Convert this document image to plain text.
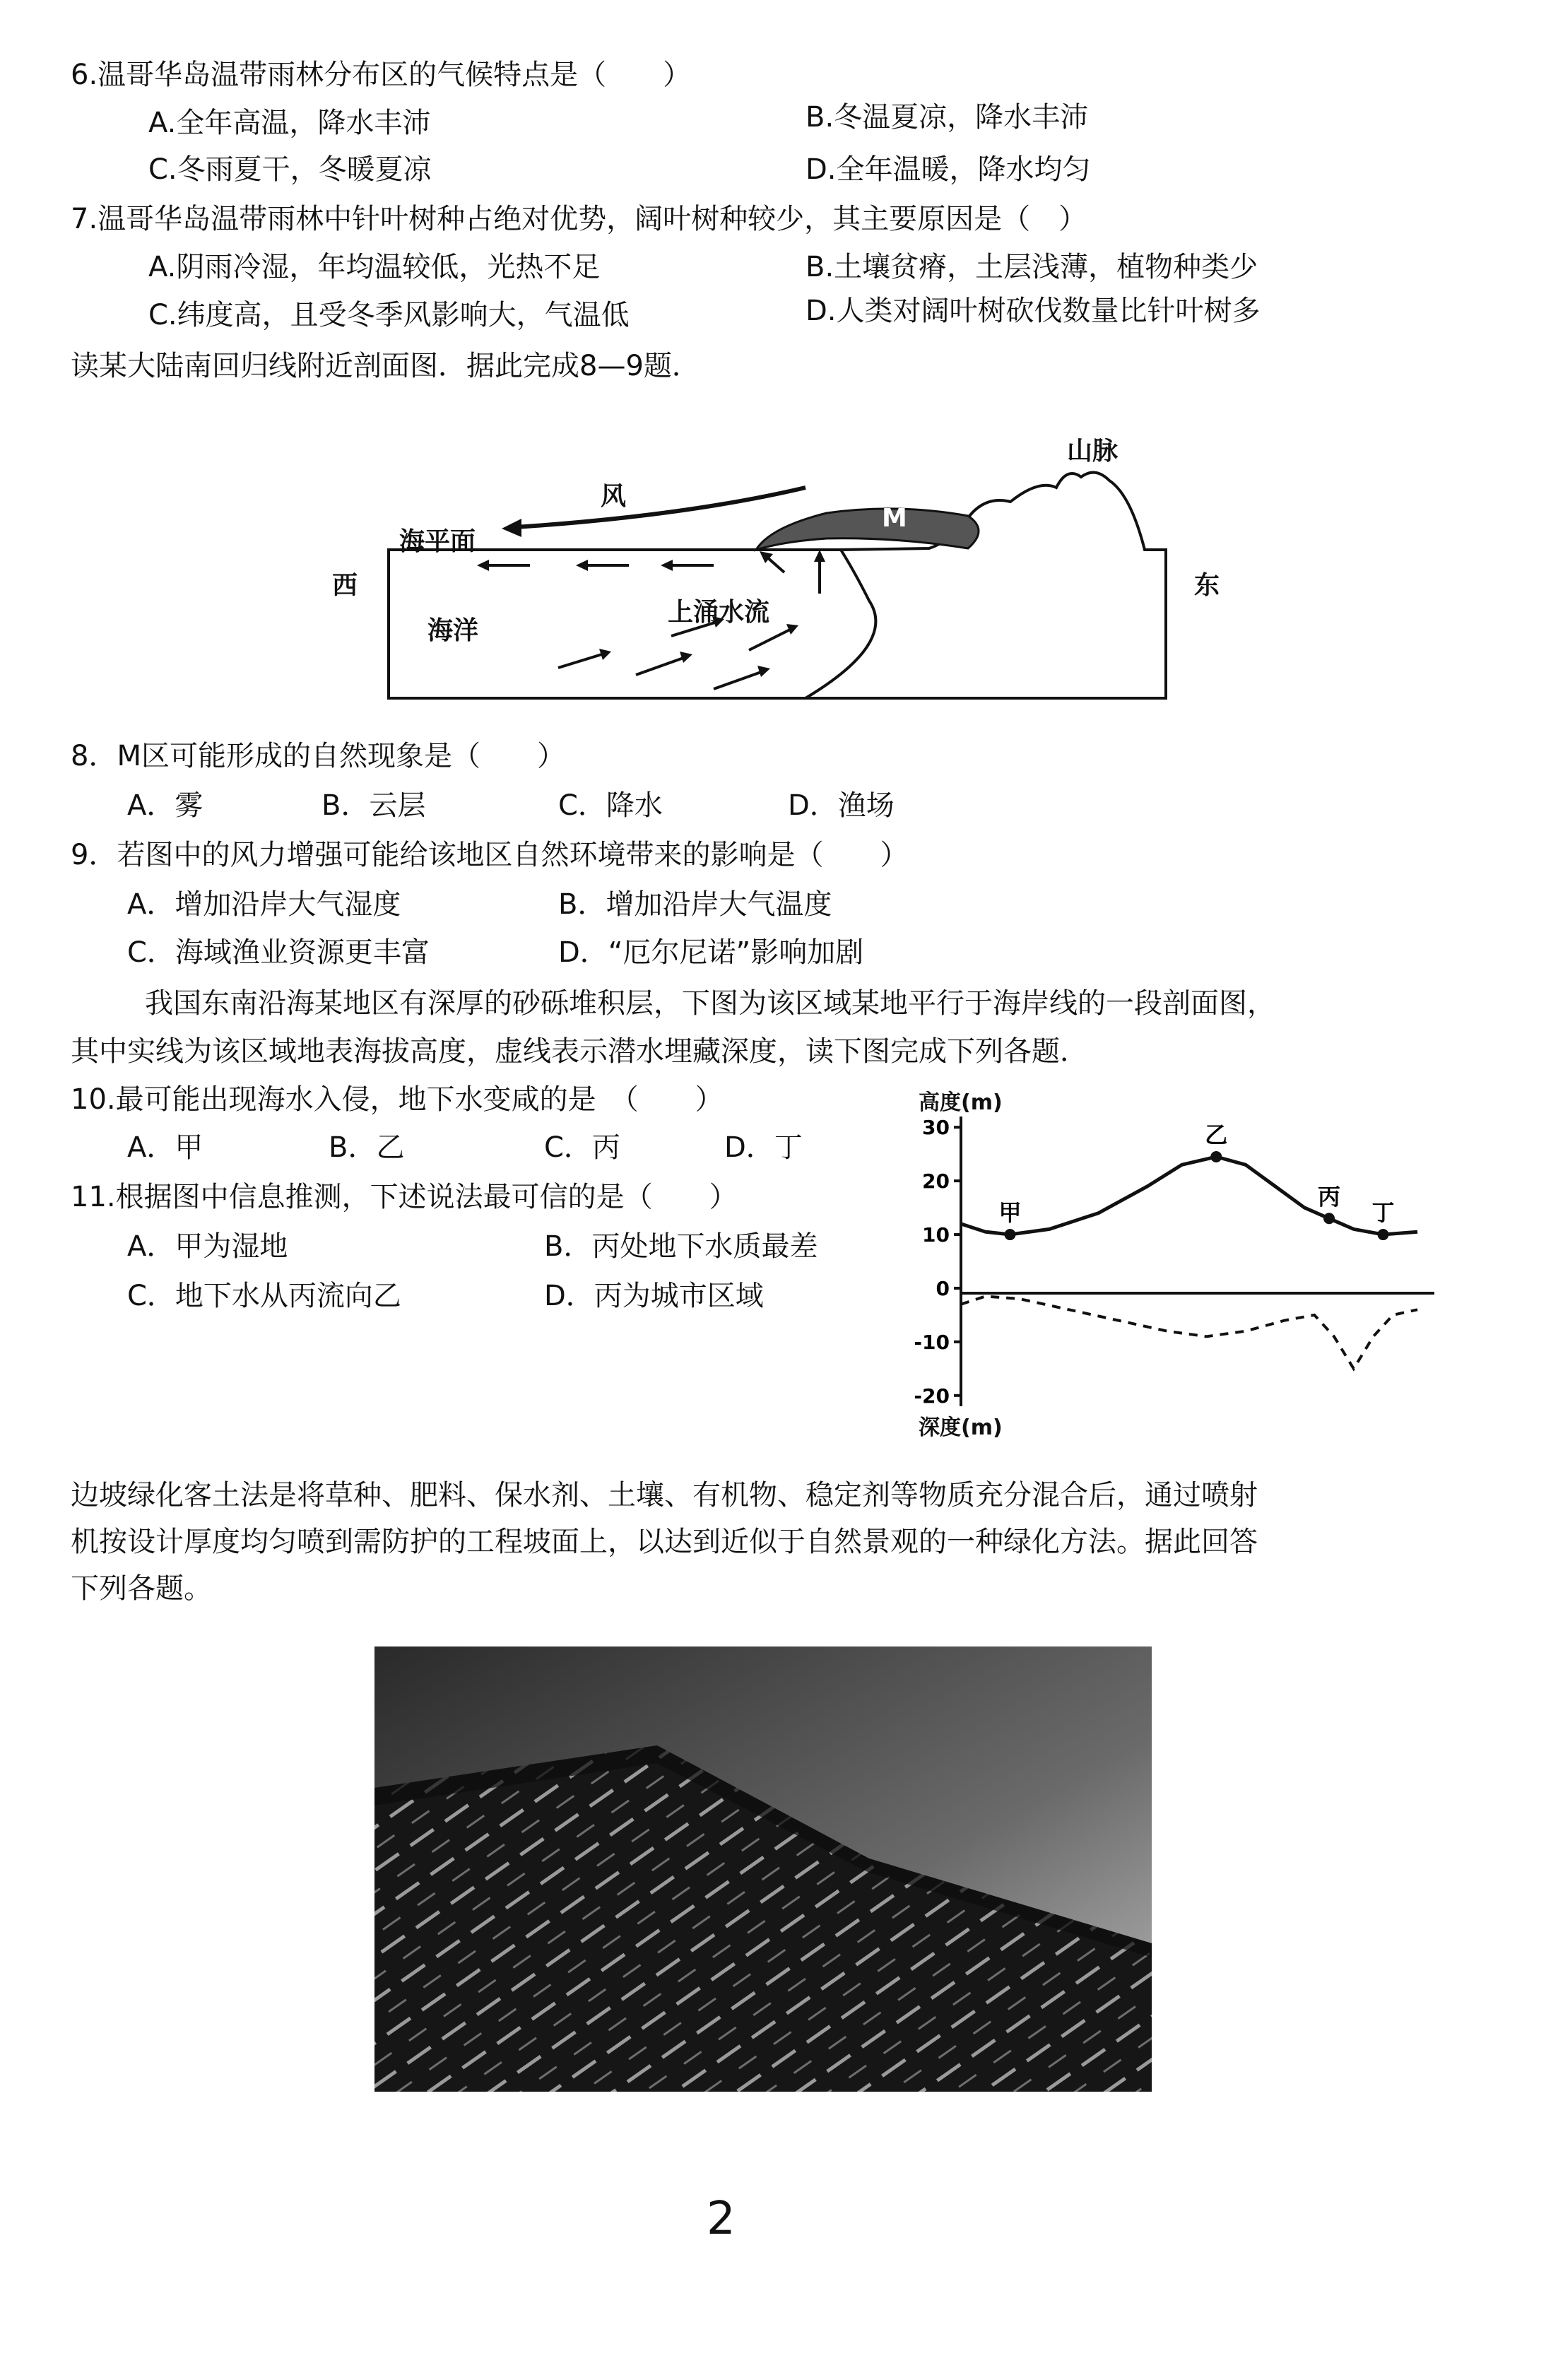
6.温哥华岛温带雨林分布区的气候特点是（　　）
A.全年高温，降水丰沛	B.冬温夏凉，降水丰沛
C.冬雨夏干，冬暖夏凉	D.全年温暖，降水均匀
7.温哥华岛温带雨林中针叶树种占绝对优势，阔叶树种较少，其主要原因是（　）
A.阴雨冷湿，年均温较低，光热不足	B.土壤贫瘠，土层浅薄，植物种类少
C.纬度高，且受冬季风影响大，气温低	D.人类对阔叶树砍伐数量比针叶树多
读某大陆南回归线附近剖面图．据此完成8—9题．
山脉
风
海平面
西	东
海洋
上涌水流
M
8．M区可能形成的自然现象是（　　）
A．雾	B．云层	C．降水	D．渔场
9．若图中的风力增强可能给该地区自然环境带来的影响是（　　）
A．增加沿岸大气湿度	B．增加沿岸大气温度
C．海域渔业资源更丰富	D．“厄尔尼诺”影响加剧
我国东南沿海某地区有深厚的砂砾堆积层，下图为该区域某地平行于海岸线的一段剖面图，
其中实线为该区域地表海拔高度，虚线表示潜水埋藏深度，读下图完成下列各题．
10.最可能出现海水入侵，地下水变咸的是　（　　）
A．甲	B．乙	C．丙	D．丁
11.根据图中信息推测，下述说法最可信的是（　　）
A．甲为湿地	B．丙处地下水质最差
C．地下水从丙流向乙	D．丙为城市区域
高度(m)
深度(m)
30
20
10
0
-10
-20
甲
乙
丙
丁
边坡绿化客土法是将草种、肥料、保水剂、土壤、有机物、稳定剂等物质充分混合后，通过喷射
机按设计厚度均匀喷到需防护的工程坡面上，以达到近似于自然景观的一种绿化方法。据此回答
下列各题。
2
